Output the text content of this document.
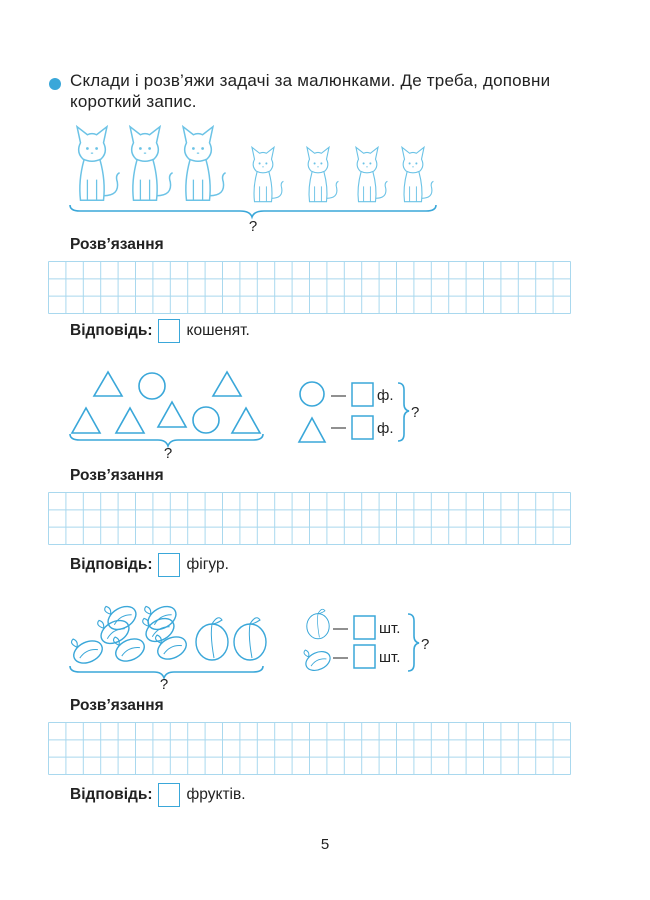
Склади і розв’яжи задачі за малюнками. Де треба, доповни короткий запис.
?
Розв’язання
Відповідь: кошенят.
?
— ф.
— ф.
?
Розв’язання
Відповідь: фігур.
?
— шт.
— шт.
?
Розв’язання
Відповідь: фруктів.
5
